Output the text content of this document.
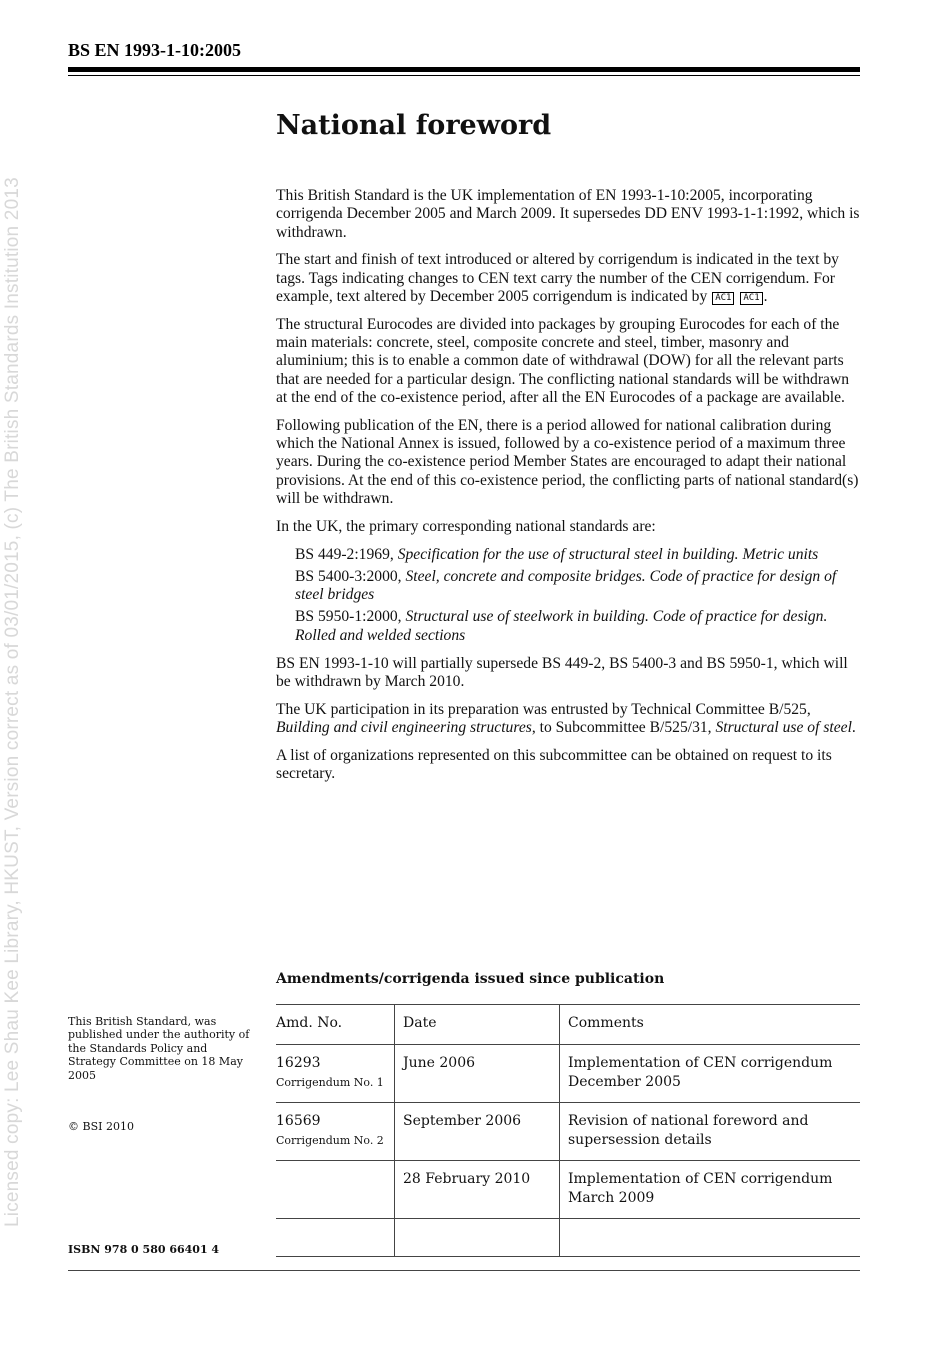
Licensed copy: Lee Shau Kee Library, HKUST, Version correct as of 03/01/2015, (c) The British Standards Institution 2013
BS EN 1993-1-10:2005
National foreword

This British Standard is the UK implementation of EN 1993-1-10:2005, incorporating corrigenda December 2005 and March 2009. It supersedes DD ENV 1993-1-1:1992, which is withdrawn.

The start and finish of text introduced or altered by corrigendum is indicated in the text by tags. Tags indicating changes to CEN text carry the number of the CEN corrigendum. For example, text altered by December 2005 corrigendum is indicated by AC1 AC1 .

The structural Eurocodes are divided into packages by grouping Eurocodes for each of the main materials: concrete, steel, composite concrete and steel, timber, masonry and aluminium; this is to enable a common date of withdrawal (DOW) for all the relevant parts that are needed for a particular design. The conflicting national standards will be withdrawn at the end of the co-existence period, after all the EN Eurocodes of a package are available.

Following publication of the EN, there is a period allowed for national calibration during which the National Annex is issued, followed by a co-existence period of a maximum three years. During the co-existence period Member States are encouraged to adapt their national provisions. At the end of this co-existence period, the conflicting parts of national standard(s) will be withdrawn.

In the UK, the primary corresponding national standards are:

BS 449-2:1969, Specification for the use of structural steel in building. Metric units

BS 5400-3:2000, Steel, concrete and composite bridges. Code of practice for design of steel bridges

BS 5950-1:2000, Structural use of steelwork in building. Code of practice for design. Rolled and welded sections

BS EN 1993-1-10 will partially supersede BS 449-2, BS 5400-3 and BS 5950-1, which will be withdrawn by March 2010.

The UK participation in its preparation was entrusted by Technical Committee B/525, Building and civil engineering structures, to Subcommittee B/525/31, Structural use of steel.

A list of organizations represented on this subcommittee can be obtained on request to its secretary.

Amendments/corrigenda issued since publication
Amd. No.	Date	Comments
16293
Corrigendum No. 1	June 2006	Implementation of CEN corrigendum December 2005
16569
Corrigendum No. 2	September 2006	Revision of national foreword and supersession details

	28 February 2010	Implementation of CEN corrigendum March 2009

This British Standard, was published under the authority of the Standards Policy and Strategy Committee on 18 May 2005
© BSI 2010
ISBN 978 0 580 66401 4
